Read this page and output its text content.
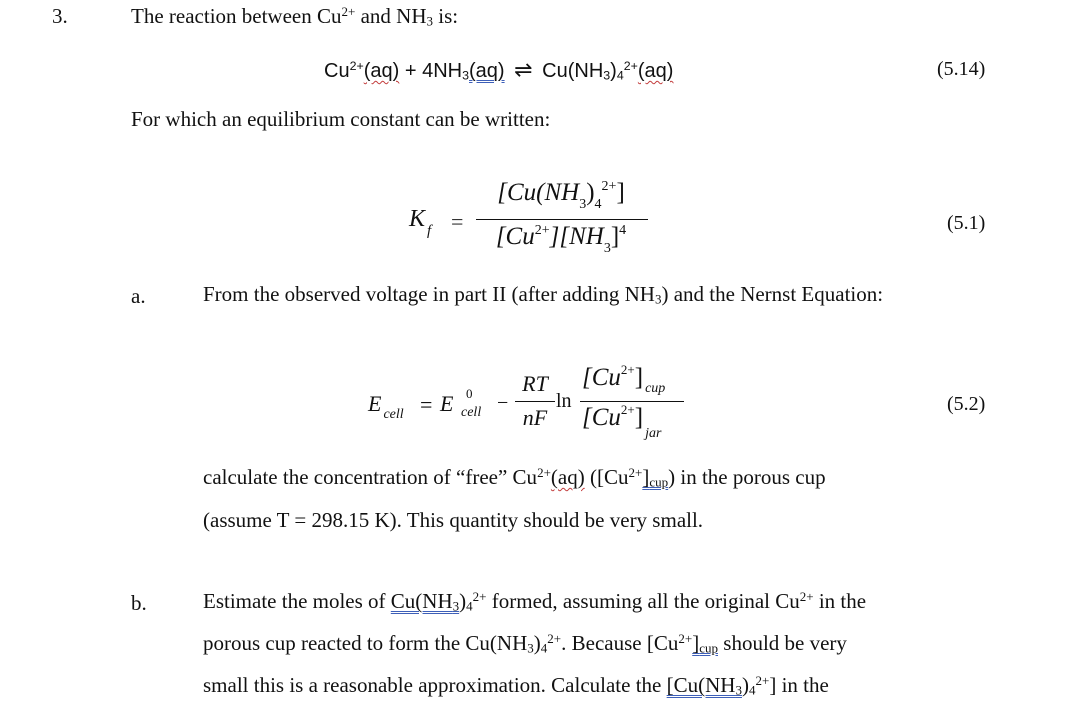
3.	The reaction between $Cu^{2+}$ and $NH_3$ is:
$Cu^{2+}(aq) + 4NH_3(aq)$ ⇌ $Cu(NH_3)_4^{2+}(aq)$	(5.14)
For which an equilibrium constant can be written:
K $_f$ =
$[Cu(NH_3)_4^{2+}]$
$[Cu^{2+}][NH_3]^4$	(5.1)
a.	From the observed voltage in part II (after adding $NH_3$) and the Nernst Equation:
E $_{cell}$ = E 0
cell −
RT
nF
ln
$[Cu^{2+}]$ $_{cup}$
$[Cu^{2+}]_{jar}$
(5.2)
calculate the concentration of “free” $Cu^{2+}(aq)$ $([Cu^{2+}]_{cup})$ in the porous cup
(assume T = 298.15 K). This quantity should be very small.
b.	Estimate the moles of $Cu(NH_3)_4^{2+}$ formed, assuming all the original $Cu^{2+}$ in the
porous cup reacted to form the $Cu(NH_3)_4^{2+}$. Because $[Cu^{2+}]_{cup}$ should be very
small this is a reasonable approximation. Calculate the $[Cu(NH_3)_4^{2+}]$ in the
